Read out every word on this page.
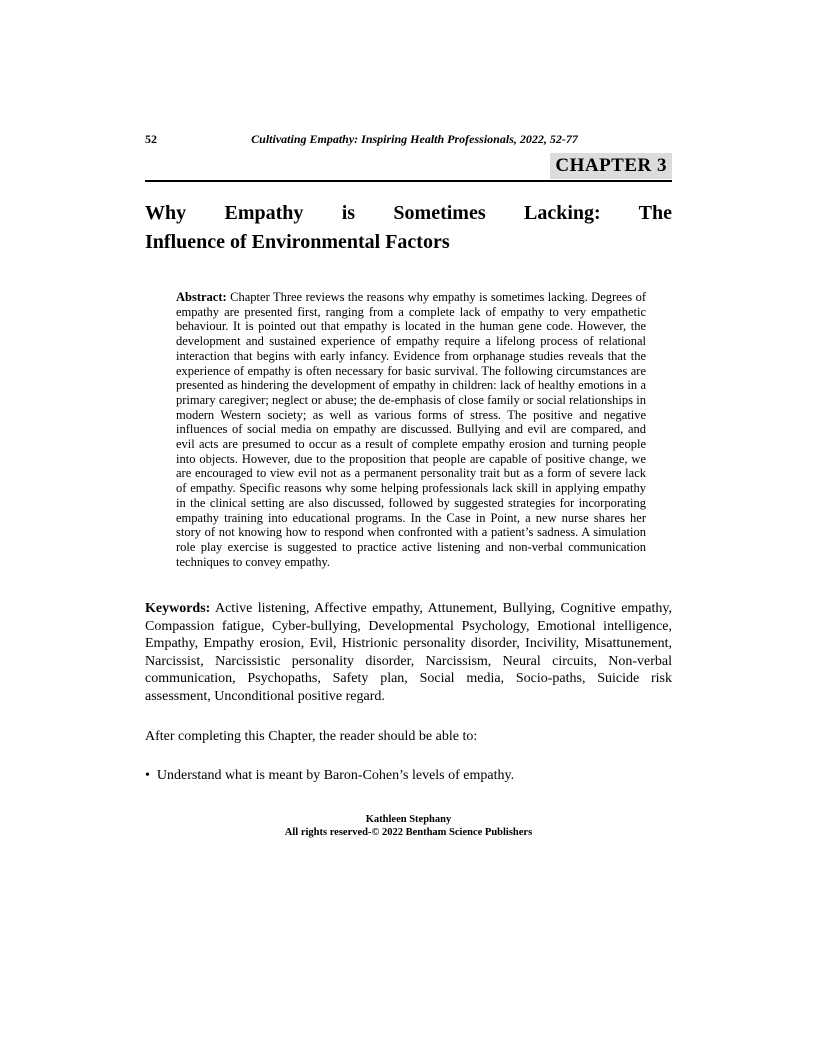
52	Cultivating Empathy: Inspiring Health Professionals, 2022, 52-77
CHAPTER 3
Why Empathy is Sometimes Lacking: The
Influence of Environmental Factors

Abstract: Chapter Three reviews the reasons why empathy is sometimes lacking. Degrees of empathy are presented first, ranging from a complete lack of empathy to very empathetic behaviour. It is pointed out that empathy is located in the human gene code. However, the development and sustained experience of empathy require a lifelong process of relational interaction that begins with early infancy. Evidence from orphanage studies reveals that the experience of empathy is often necessary for basic survival. The following circumstances are presented as hindering the development of empathy in children: lack of healthy emotions in a primary caregiver; neglect or abuse; the de-emphasis of close family or social relationships in modern Western society; as well as various forms of stress. The positive and negative influences of social media on empathy are discussed. Bullying and evil are compared, and evil acts are presumed to occur as a result of complete empathy erosion and turning people into objects. However, due to the proposition that people are capable of positive change, we are encouraged to view evil not as a permanent personality trait but as a form of severe lack of empathy. Specific reasons why some helping professionals lack skill in applying empathy in the clinical setting are also discussed, followed by suggested strategies for incorporating empathy training into educational programs. In the Case in Point, a new nurse shares her story of not knowing how to respond when confronted with a patient’s sadness. A simulation role play exercise is suggested to practice active listening and non-verbal communication techniques to convey empathy.

Keywords: Active listening, Affective empathy, Attunement, Bullying, Cognitive empathy, Compassion fatigue, Cyber-bullying, Developmental Psychology, Emotional intelligence, Empathy, Empathy erosion, Evil, Histrionic personality disorder, Incivility, Misattunement, Narcissist, Narcissistic personality disorder, Narcissism, Neural circuits, Non-verbal communication, Psychopaths, Safety plan, Social media, Socio-paths, Suicide risk assessment, Unconditional positive regard.

After completing this Chapter, the reader should be able to:

• Understand what is meant by Baron-Cohen’s levels of empathy.
Kathleen Stephany
All rights reserved-© 2022 Bentham Science Publishers
